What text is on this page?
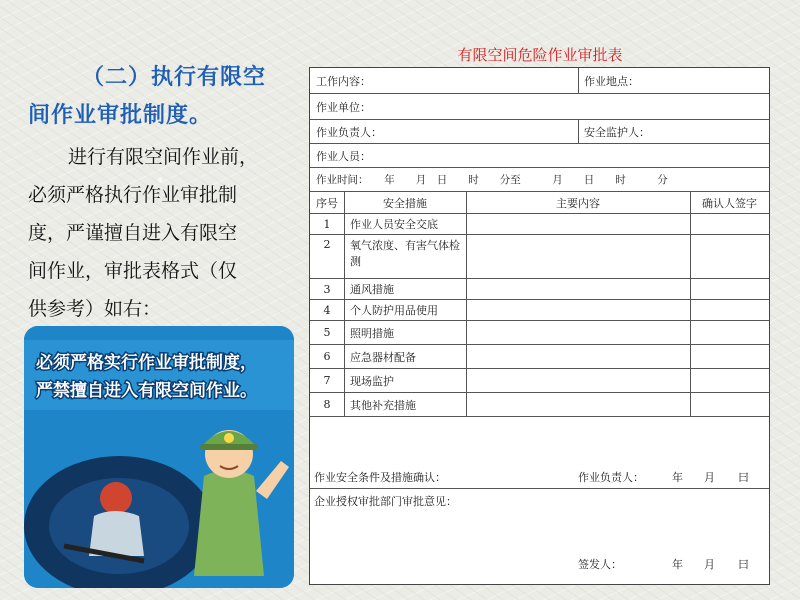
（二）执行有限空
间作业审批制度。
进行有限空间作业前，
必须严格执行作业审批制
度，严谨擅自进入有限空
间作业，审批表格式（仅
供参考）如右：
必须严格实行作业审批制度，
严禁擅自进入有限空间作业。
有限空间危险作业审批表
工作内容：	作业地点：
作业单位：
作业负责人：	安全监护人：
作业人员：
作业时间：　　年　　月　日　　时　　分至　　　月　　日　　时　　　分
序号	安全措施	主要内容	确认人签字
1	作业人员安全交底
2	氧气浓度、有害气体检测
3	通风措施
4	个人防护用品使用
5	照明措施
6	应急器材配备
7	现场监护
8	其他补充措施
作业安全条件及措施确认：	作业负责人：	年 月 曰
企业授权审批部门审批意见：
签发人：	年 月 曰
